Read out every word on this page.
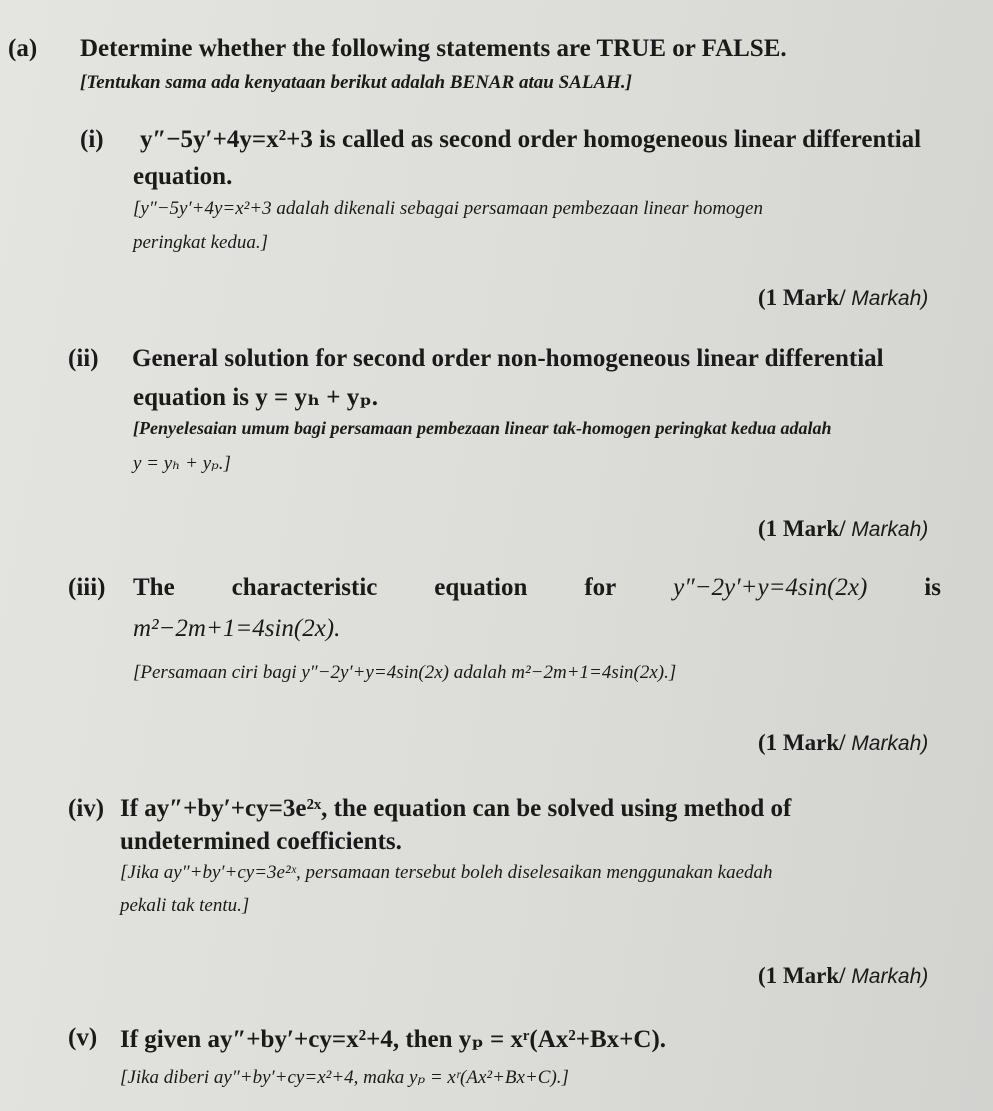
(a) Determine whether the following statements are TRUE or FALSE.
[Tentukan sama ada kenyataan berikut adalah BENAR atau SALAH.]
(i) y″−5y′+4y=x²+3 is called as second order homogeneous linear differential
equation.
[y″−5y′+4y=x²+3 adalah dikenali sebagai persamaan pembezaan linear homogen
peringkat kedua.]
(1 Mark/ Markah)
(ii) General solution for second order non-homogeneous linear differential
equation is y = yₕ + yₚ.
[Penyelesaian umum bagi persamaan pembezaan linear tak-homogen peringkat kedua adalah
y = yₕ + yₚ.]
(1 Mark/ Markah)
(iii) The characteristic equation for y″−2y′+y=4sin(2x) is
m²−2m+1=4sin(2x).
[Persamaan ciri bagi y″−2y′+y=4sin(2x) adalah m²−2m+1=4sin(2x).]
(1 Mark/ Markah)
(iv) If ay″+by′+cy=3e²ˣ, the equation can be solved using method of
undetermined coefficients.
[Jika ay″+by′+cy=3e²ˣ, persamaan tersebut boleh diselesaikan menggunakan kaedah
pekali tak tentu.]
(1 Mark/ Markah)
(v) If given ay″+by′+cy=x²+4, then yₚ = xʳ(Ax²+Bx+C).
[Jika diberi ay″+by′+cy=x²+4, maka yₚ = xʳ(Ax²+Bx+C).]
